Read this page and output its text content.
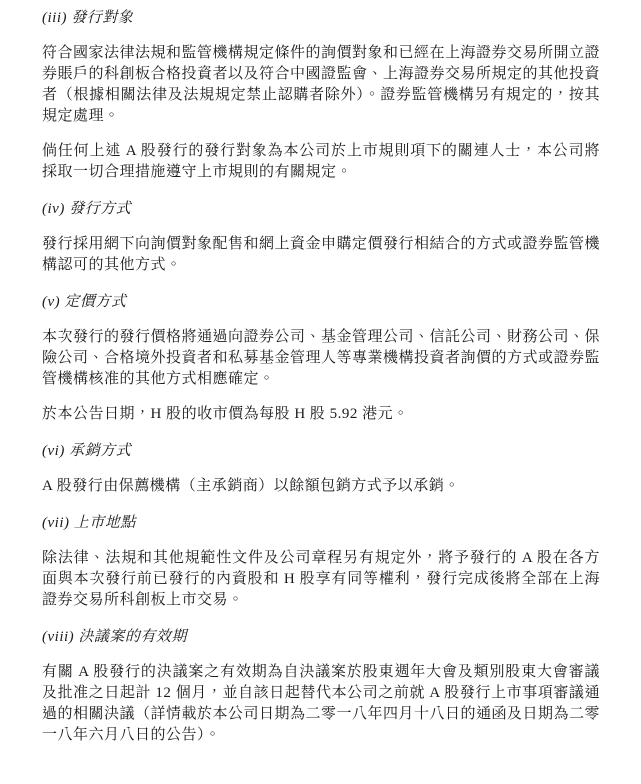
(iii) 發行對象

符合國家法律法規和監管機構規定條件的詢價對象和已經在上海證券交易所開立證券賬戶的科創板合格投資者以及符合中國證監會、上海證券交易所規定的其他投資者（根據相關法律及法規規定禁止認購者除外）。證券監管機構另有規定的，按其規定處理。

倘任何上述 A 股發行的發行對象為本公司於上市規則項下的關連人士，本公司將採取一切合理措施遵守上市規則的有關規定。

(iv) 發行方式

發行採用網下向詢價對象配售和網上資金申購定價發行相結合的方式或證券監管機構認可的其他方式。

(v) 定價方式

本次發行的發行價格將通過向證券公司、基金管理公司、信託公司、財務公司、保險公司、合格境外投資者和私募基金管理人等專業機構投資者詢價的方式或證券監管機構核准的其他方式相應確定。

於本公告日期，H 股的收市價為每股 H 股 5.92 港元。

(vi) 承銷方式

A 股發行由保薦機構（主承銷商）以餘額包銷方式予以承銷。

(vii) 上市地點

除法律、法規和其他規範性文件及公司章程另有規定外，將予發行的 A 股在各方面與本次發行前已發行的內資股和 H 股享有同等權利，發行完成後將全部在上海證券交易所科創板上市交易。

(viii) 決議案的有效期

有關 A 股發行的決議案之有效期為自決議案於股東週年大會及類別股東大會審議及批准之日起計 12 個月，並自該日起替代本公司之前就 A 股發行上市事項審議通過的相關決議（詳情載於本公司日期為二零一八年四月十八日的通函及日期為二零一八年六月八日的公告）。
